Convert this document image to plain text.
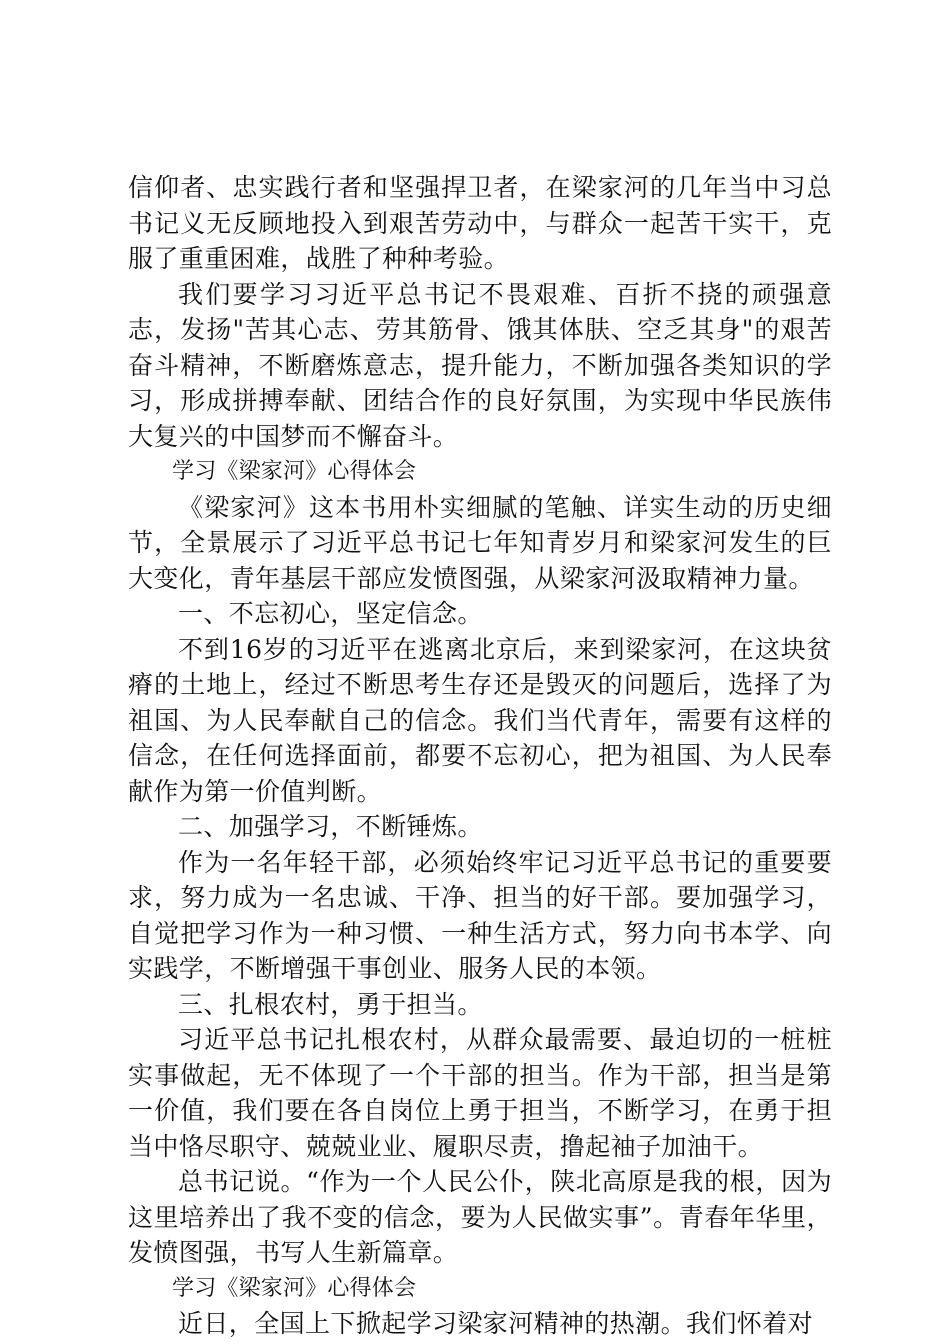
信仰者、忠实践行者和坚强捍卫者，在梁家河的几年当中习总书记义无反顾地投入到艰苦劳动中，与群众一起苦干实干，克服了重重困难，战胜了种种考验。

我们要学习习近平总书记不畏艰难、百折不挠的顽强意志，发扬"苦其心志、劳其筋骨、饿其体肤、空乏其身"的艰苦奋斗精神，不断磨炼意志，提升能力，不断加强各类知识的学习，形成拼搏奉献、团结合作的良好氛围，为实现中华民族伟大复兴的中国梦而不懈奋斗。

学习《梁家河》心得体会

《梁家河》这本书用朴实细腻的笔触、详实生动的历史细节，全景展示了习近平总书记七年知青岁月和梁家河发生的巨大变化，青年基层干部应发愤图强，从梁家河汲取精神力量。

一、不忘初心，坚定信念。

不到16岁的习近平在逃离北京后，来到梁家河，在这块贫瘠的土地上，经过不断思考生存还是毁灭的问题后，选择了为祖国、为人民奉献自己的信念。我们当代青年，需要有这样的信念，在任何选择面前，都要不忘初心，把为祖国、为人民奉献作为第一价值判断。

二、加强学习，不断锤炼。

作为一名年轻干部，必须始终牢记习近平总书记的重要要求，努力成为一名忠诚、干净、担当的好干部。要加强学习，自觉把学习作为一种习惯、一种生活方式，努力向书本学、向实践学，不断增强干事创业、服务人民的本领。

三、扎根农村，勇于担当。

习近平总书记扎根农村，从群众最需要、最迫切的一桩桩实事做起，无不体现了一个干部的担当。作为干部，担当是第一价值，我们要在各自岗位上勇于担当，不断学习，在勇于担当中恪尽职守、兢兢业业、履职尽责，撸起袖子加油干。

总书记说。“作为一个人民公仆，陕北高原是我的根，因为这里培养出了我不变的信念，要为人民做实事”。青春年华里，发愤图强，书写人生新篇章。

学习《梁家河》心得体会

近日，全国上下掀起学习梁家河精神的热潮。我们怀着对
